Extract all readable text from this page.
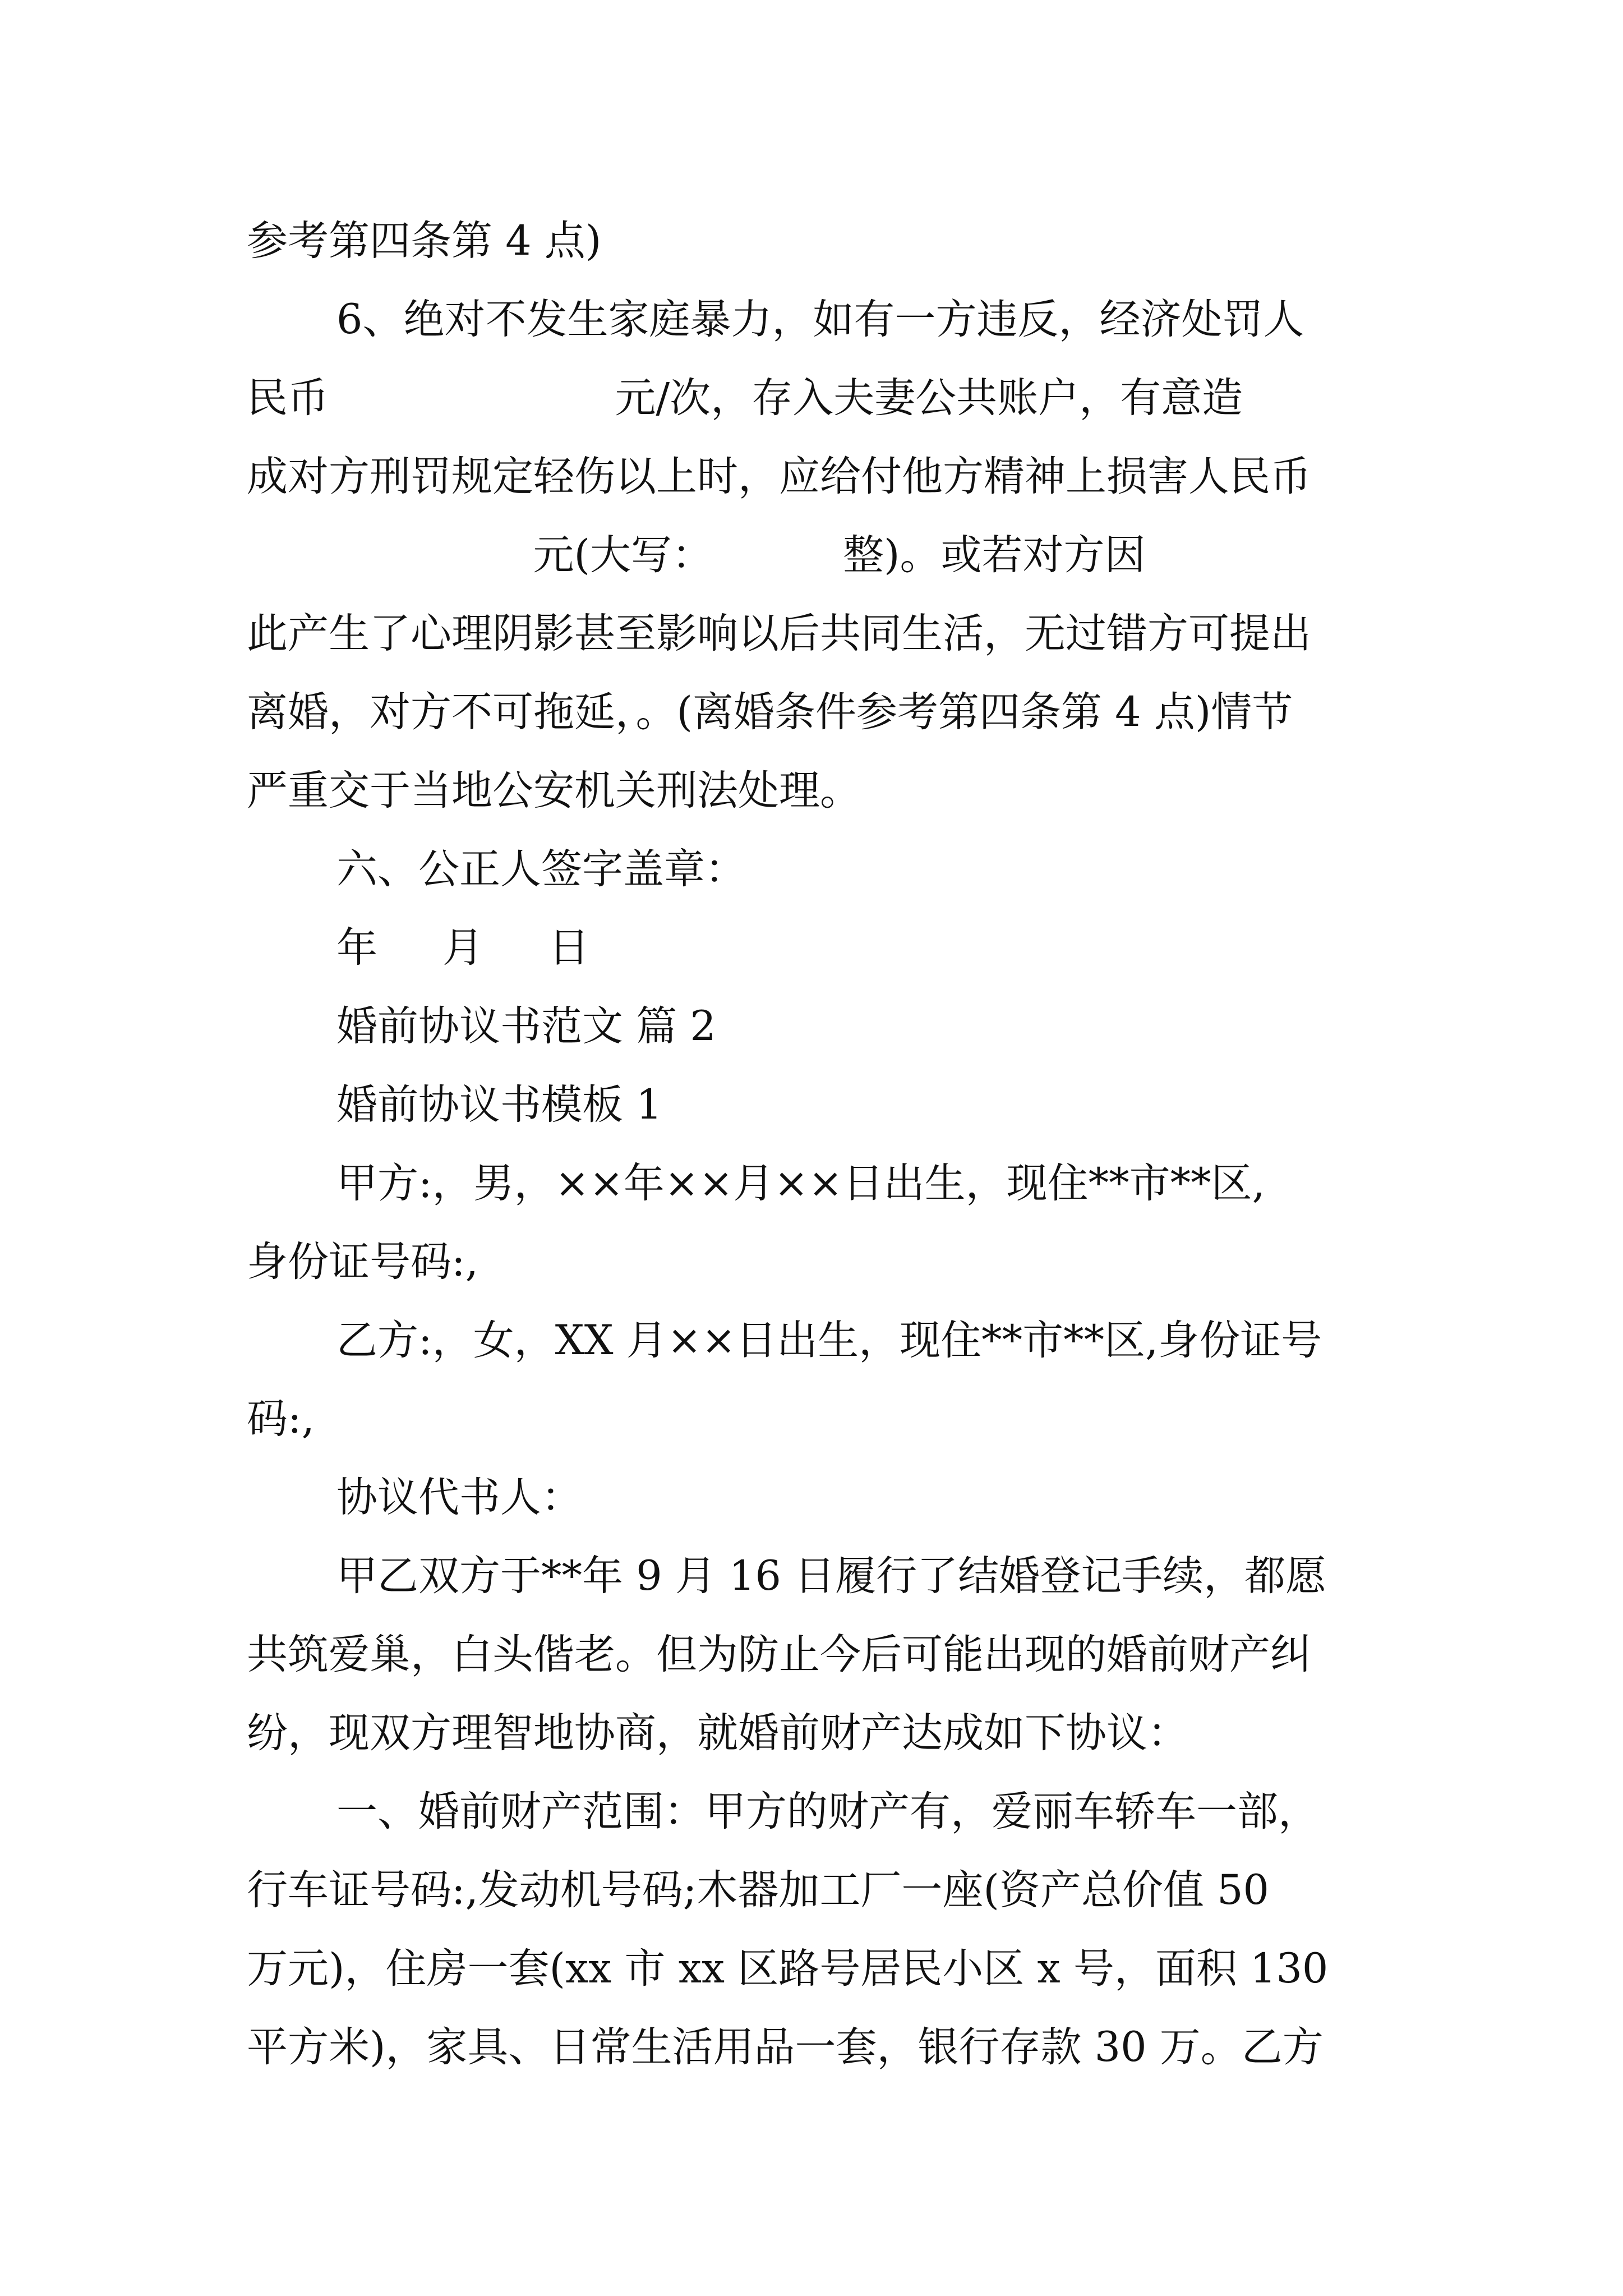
参考第四条第 4 点)
6、绝对不发生家庭暴力，如有一方违反，经济处罚人
民币                      元/次，存入夫妻公共账户，有意造
成对方刑罚规定轻伤以上时，应给付他方精神上损害人民币
元(大写：          整)。或若对方因
此产生了心理阴影甚至影响以后共同生活，无过错方可提出
离婚，对方不可拖延，。(离婚条件参考第四条第 4 点)情节
严重交于当地公安机关刑法处理。
六、公正人签字盖章：
年     月     日
婚前协议书范文 篇 2
婚前协议书模板 1
甲方:，男，××年××月××日出生，现住**市**区,
身份证号码:,
乙方:，女，XX 月××日出生，现住**市**区,身份证号
码:,
协议代书人：
甲乙双方于**年 9 月 16 日履行了结婚登记手续，都愿
共筑爱巢，白头偕老。但为防止今后可能出现的婚前财产纠
纷，现双方理智地协商，就婚前财产达成如下协议：
一、婚前财产范围：甲方的财产有，爱丽车轿车一部，
行车证号码:,发动机号码;木器加工厂一座(资产总价值 50
万元)，住房一套(xx 市 xx 区路号居民小区 x 号，面积 130
平方米)，家具、日常生活用品一套，银行存款 30 万。乙方
